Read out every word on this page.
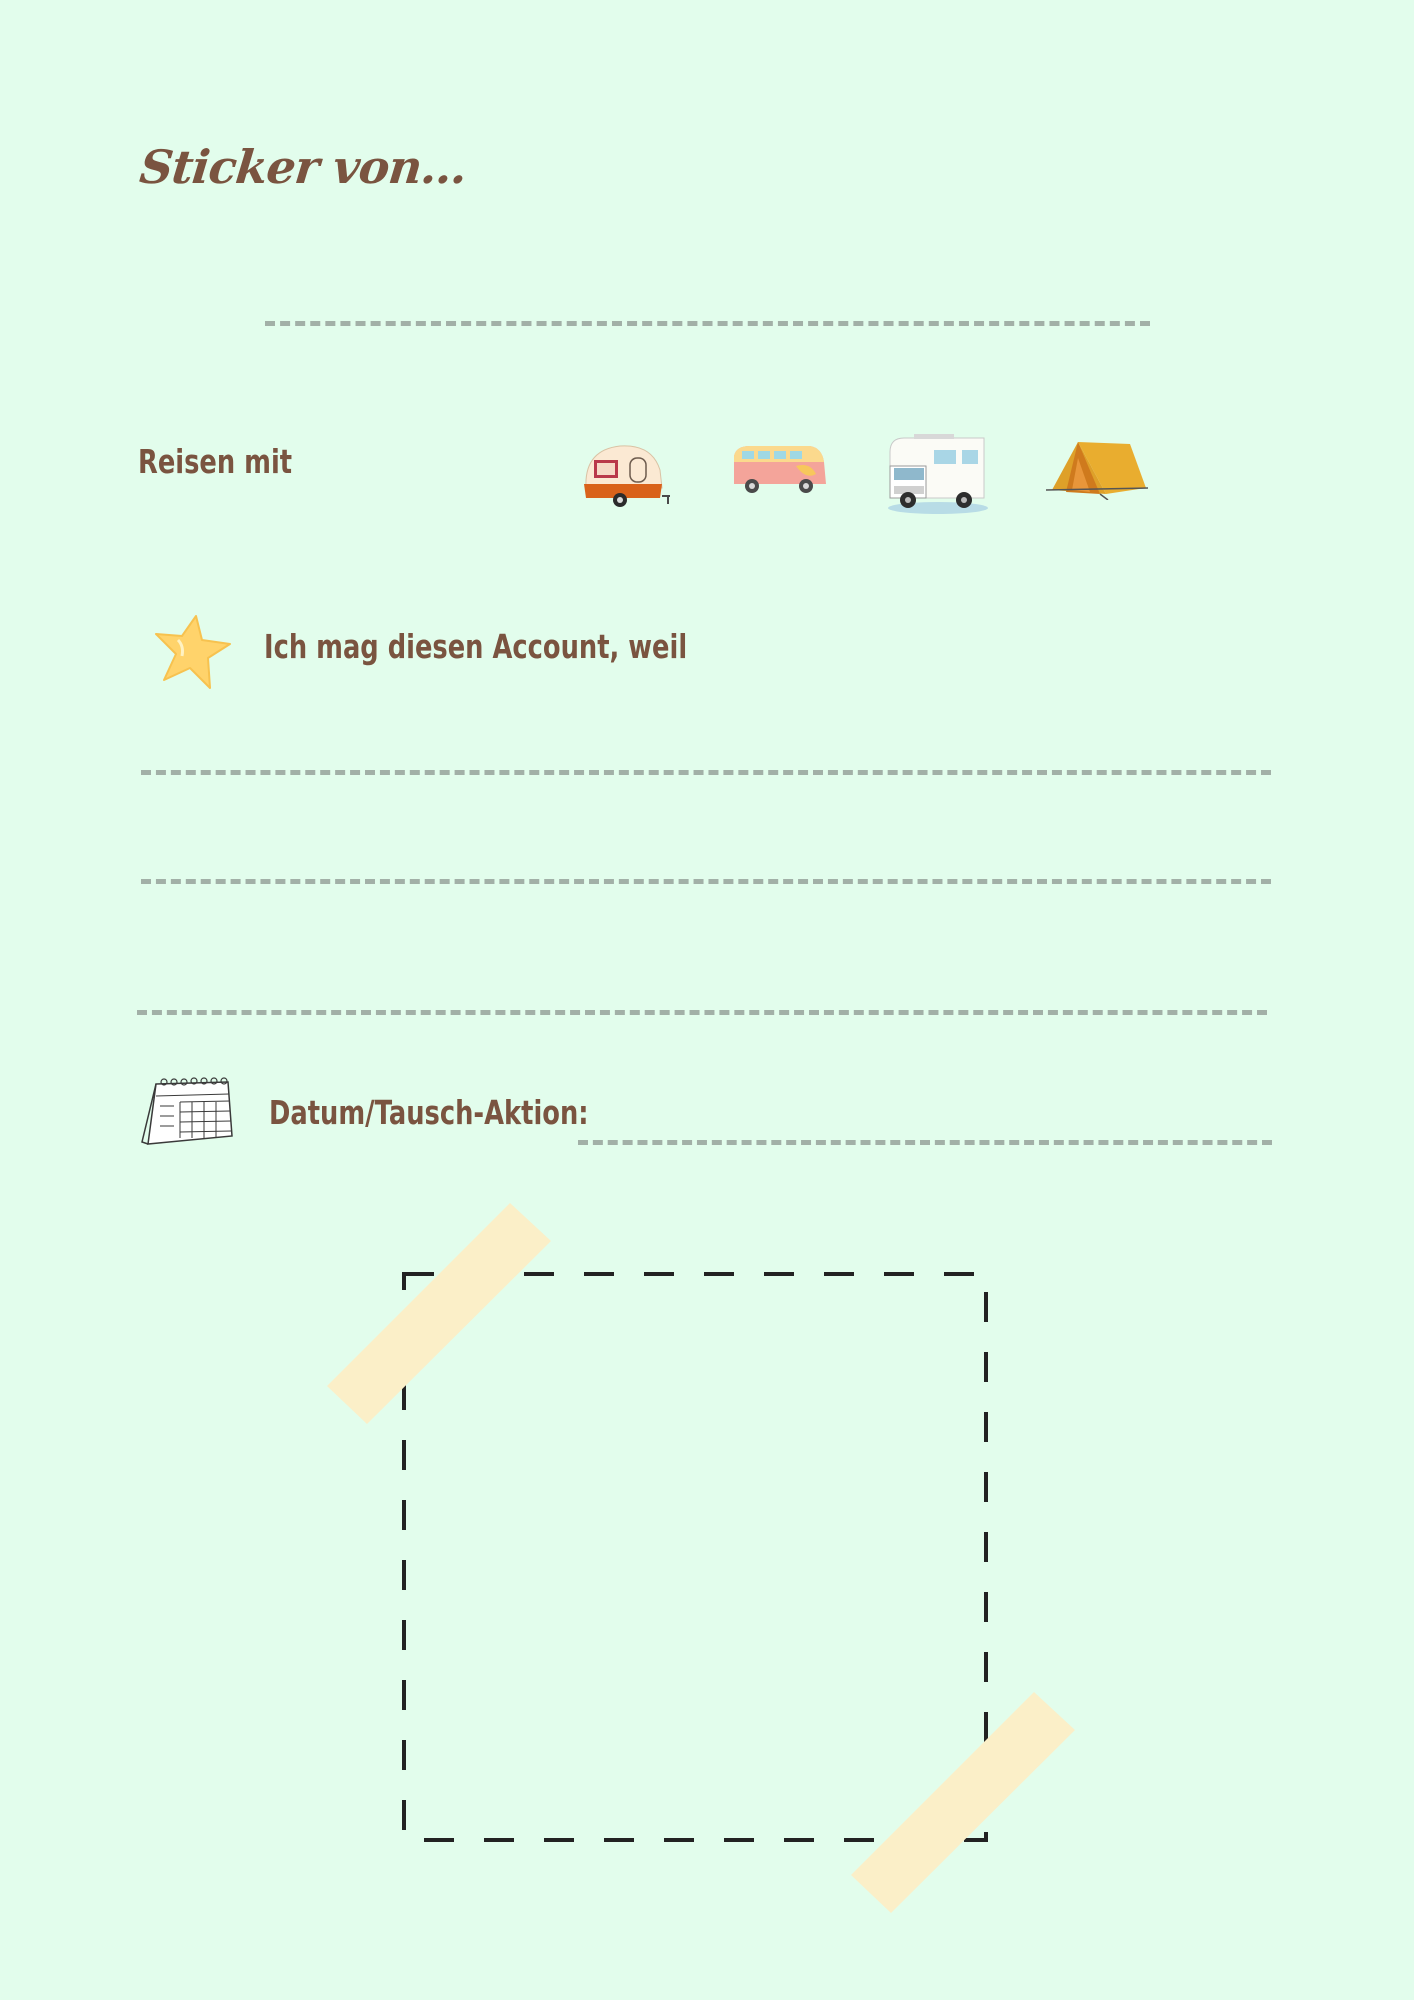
Sticker von...
Reisen mit
Ich mag diesen Account, weil
Datum/Tausch-Aktion:
